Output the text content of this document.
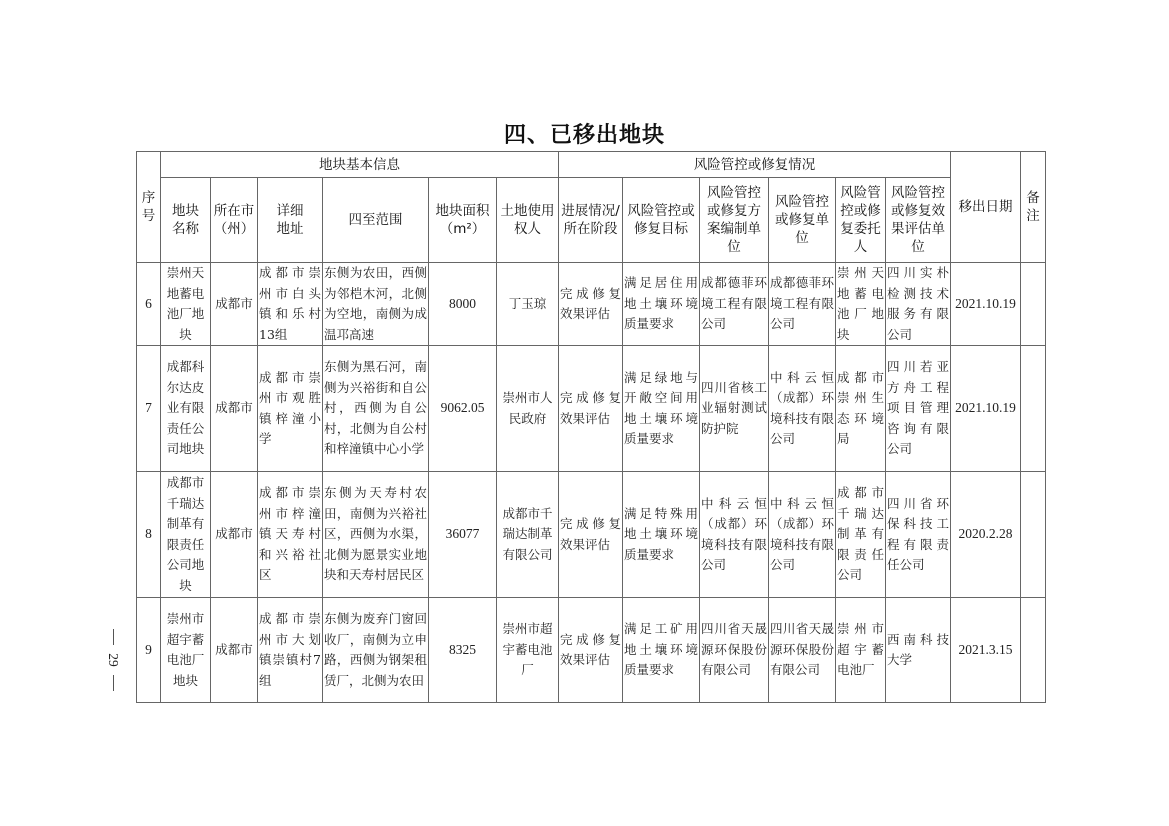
四、已移出地块
29
序号	地块基本信息						风险管控或修复情况						移出日期	备注
	地块名称	所在市（州）	详细地址	四至范围	地块面积（m²）	土地使用权人	进展情况/所在阶段	风险管控或修复目标	风险管控或修复方案编制单位	风险管控或修复单位	风险管控或修复委托人	风险管控或修复效果评估单位		
6	崇州天地蓄电池厂地块	成都市	成都市崇州市白头镇和乐村13组	东侧为农田，西侧为邻桤木河，北侧为空地，南侧为成温邛高速	8000	丁玉琼	完成修复效果评估	满足居住用地土壤环境质量要求	成都德菲环境工程有限公司	成都德菲环境工程有限公司	崇州天地蓄电池厂地块	四川实朴检测技术服务有限公司	2021.10.19	
7	成都科尔达皮业有限责任公司地块	成都市	成都市崇州市观胜镇梓潼小学	东侧为黑石河，南侧为兴裕街和自公村，西侧为自公村，北侧为自公村和梓潼镇中心小学	9062.05	崇州市人民政府	完成修复效果评估	满足绿地与开敞空间用地土壤环境质量要求	四川省核工业辐射测试防护院	中科云恒（成都）环境科技有限公司	成都市崇州生态环境局	四川若亚方舟工程项目管理咨询有限公司	2021.10.19	
8	成都市千瑞达制革有限责任公司地块	成都市	成都市崇州市梓潼镇天寿村和兴裕社区	东侧为天寿村农田，南侧为兴裕社区，西侧为水渠，北侧为愿景实业地块和天寿村居民区	36077	成都市千瑞达制革有限公司	完成修复效果评估	满足特殊用地土壤环境质量要求	中科云恒（成都）环境科技有限公司	中科云恒（成都）环境科技有限公司	成都市千瑞达制革有限责任公司	四川省环保科技工程有限责任公司	2020.2.28	
9	崇州市超宇蓄电池厂地块	成都市	成都市崇州市大划镇崇镇村7组	东侧为废弃门窗回收厂，南侧为立申路，西侧为钢架租赁厂，北侧为农田	8325	崇州市超宇蓄电池厂	完成修复效果评估	满足工矿用地土壤环境质量要求	四川省天晟源环保股份有限公司	四川省天晟源环保股份有限公司	崇州市超宇蓄电池厂	西南科技大学	2021.3.15	
